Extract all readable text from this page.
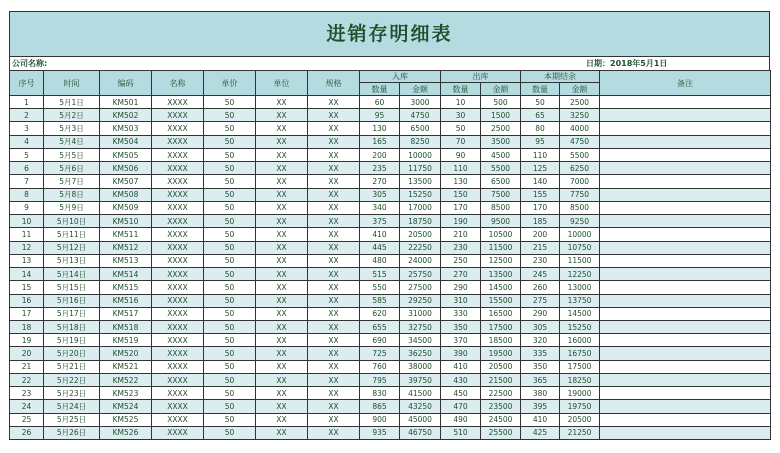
进销存明细表
公司名称:	日期：2018年5月1日
序号	时间	编码	名称	单价	单位	规格	入库		出库		本期结余		备注
							数量	金额	数量	金额	数量	金额	
1	5月1日	KM501	XXXX	50	XX	XX	60	3000	10	500	50	2500	
2	5月2日	KM502	XXXX	50	XX	XX	95	4750	30	1500	65	3250	
3	5月3日	KM503	XXXX	50	XX	XX	130	6500	50	2500	80	4000	
4	5月4日	KM504	XXXX	50	XX	XX	165	8250	70	3500	95	4750	
5	5月5日	KM505	XXXX	50	XX	XX	200	10000	90	4500	110	5500	
6	5月6日	KM506	XXXX	50	XX	XX	235	11750	110	5500	125	6250	
7	5月7日	KM507	XXXX	50	XX	XX	270	13500	130	6500	140	7000	
8	5月8日	KM508	XXXX	50	XX	XX	305	15250	150	7500	155	7750	
9	5月9日	KM509	XXXX	50	XX	XX	340	17000	170	8500	170	8500	
10	5月10日	KM510	XXXX	50	XX	XX	375	18750	190	9500	185	9250	
11	5月11日	KM511	XXXX	50	XX	XX	410	20500	210	10500	200	10000	
12	5月12日	KM512	XXXX	50	XX	XX	445	22250	230	11500	215	10750	
13	5月13日	KM513	XXXX	50	XX	XX	480	24000	250	12500	230	11500	
14	5月14日	KM514	XXXX	50	XX	XX	515	25750	270	13500	245	12250	
15	5月15日	KM515	XXXX	50	XX	XX	550	27500	290	14500	260	13000	
16	5月16日	KM516	XXXX	50	XX	XX	585	29250	310	15500	275	13750	
17	5月17日	KM517	XXXX	50	XX	XX	620	31000	330	16500	290	14500	
18	5月18日	KM518	XXXX	50	XX	XX	655	32750	350	17500	305	15250	
19	5月19日	KM519	XXXX	50	XX	XX	690	34500	370	18500	320	16000	
20	5月20日	KM520	XXXX	50	XX	XX	725	36250	390	19500	335	16750	
21	5月21日	KM521	XXXX	50	XX	XX	760	38000	410	20500	350	17500	
22	5月22日	KM522	XXXX	50	XX	XX	795	39750	430	21500	365	18250	
23	5月23日	KM523	XXXX	50	XX	XX	830	41500	450	22500	380	19000	
24	5月24日	KM524	XXXX	50	XX	XX	865	43250	470	23500	395	19750	
25	5月25日	KM525	XXXX	50	XX	XX	900	45000	490	24500	410	20500	
26	5月26日	KM526	XXXX	50	XX	XX	935	46750	510	25500	425	21250	
